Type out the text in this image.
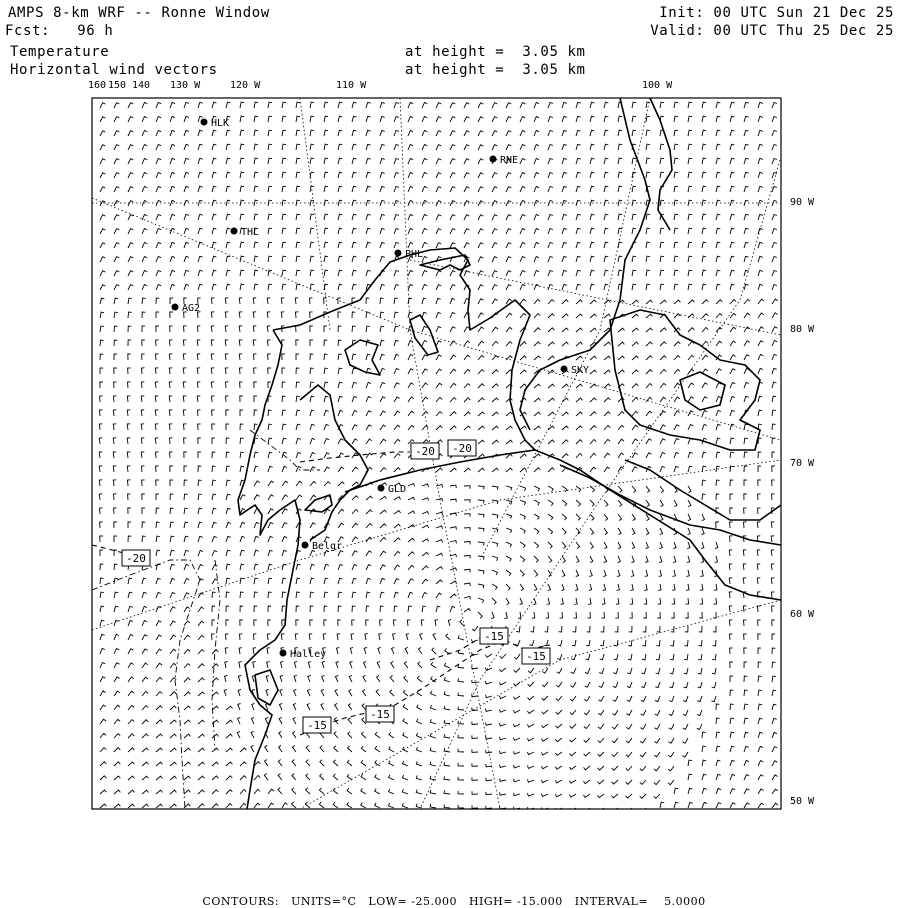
AMPS 8-km WRF -- Ronne Window
Fcst:   96 h
Init: 00 UTC Sun 21 Dec 25
Valid: 00 UTC Thu 25 Dec 25
Temperature
Horizontal wind vectors
at height =  3.05 km
at height =  3.05 km
HLK
RNE
THL
PHL
AG2
SKY
GLD
Belgr
Halley
-20 -20
-20
-15
-15
-15
-15
160 150 140 130 W	120 W	110 W	100 W
90 W
80 W
70 W
60 W
50 W

CONTOURS: UNITS=°C LOW= -25.000 HIGH= -15.000 INTERVAL=    5.0000
